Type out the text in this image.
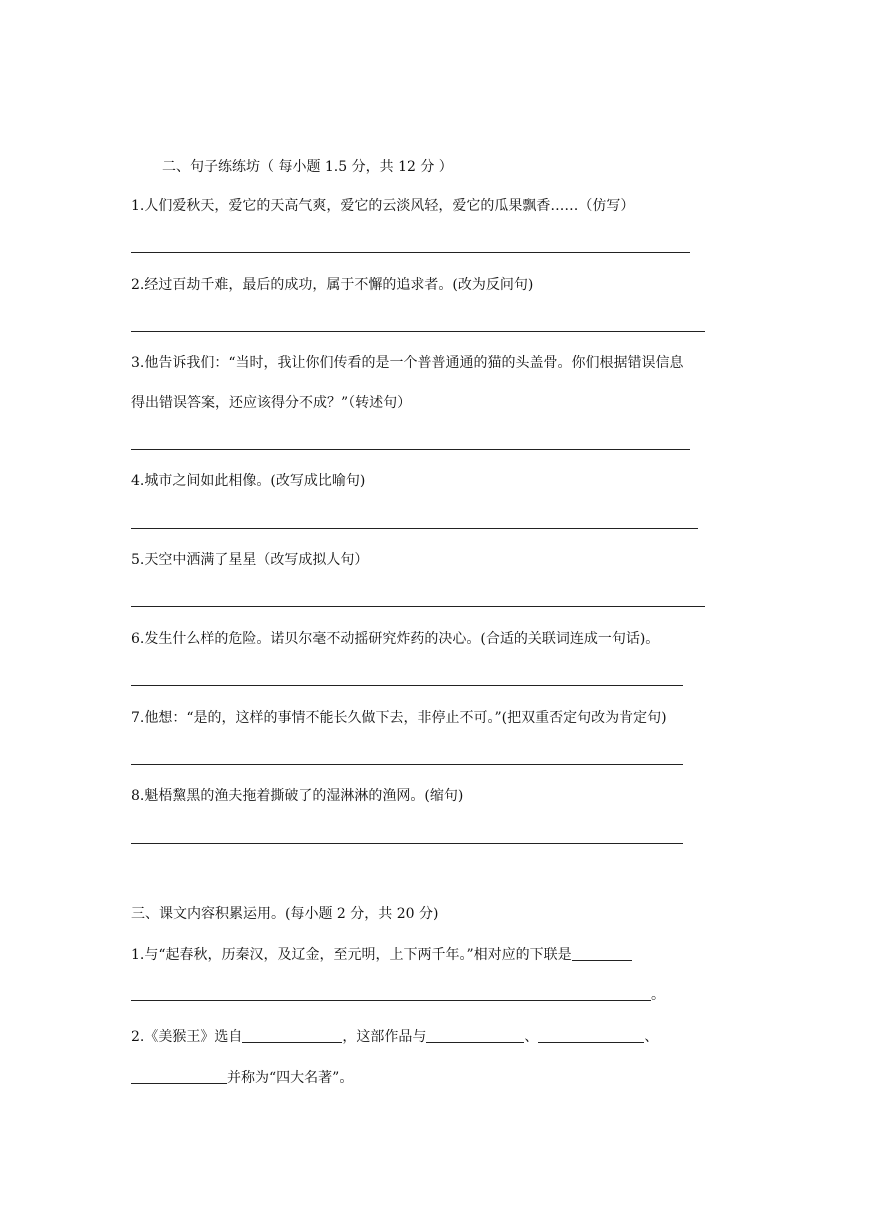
二、句子练练坊（ 每小题 1.5 分，共 12 分 ）
1.人们爱秋天，爱它的天高气爽，爱它的云淡风轻，爱它的瓜果飘香……（仿写）
2.经过百劫千难，最后的成功，属于不懈的追求者。(改为反问句)
3.他告诉我们：“当时，我让你们传看的是一个普普通通的猫的头盖骨。你们根据错误信息
得出错误答案，还应该得分不成？”（转述句）
4.城市之间如此相像。(改写成比喻句)
5.天空中洒满了星星（改写成拟人句）
6.发生什么样的危险。诺贝尔毫不动摇研究炸药的决心。(合适的关联词连成一句话)。
7.他想：“是的，这样的事情不能长久做下去，非停止不可。”(把双重否定句改为肯定句)
8.魁梧黧黑的渔夫拖着撕破了的湿淋淋的渔网。(缩句)
三、课文内容积累运用。(每小题 2 分，共 20 分)
1.与“起春秋，历秦汉，及辽金，至元明，上下两千年。”相对应的下联是
。
2.《美猴王》选自	，这部作品与	、	、
并称为“四大名著”。
